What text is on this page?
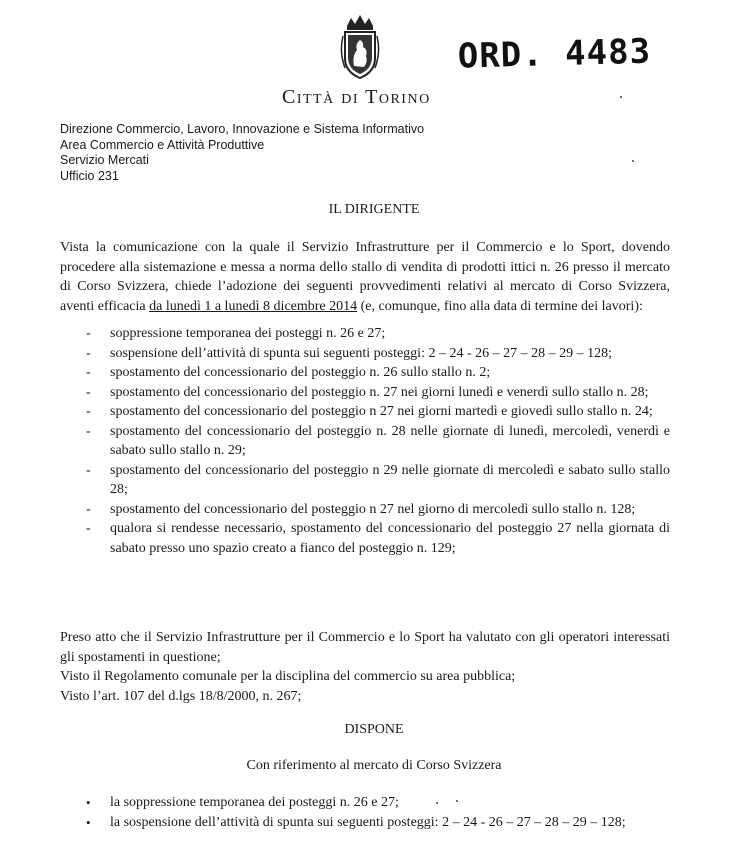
ORD. 4483
Città di Torino
Direzione Commercio, Lavoro, Innovazione e Sistema Informativo
Area Commercio e Attività Produttive
Servizio Mercati
Ufficio 231
IL DIRIGENTE
Vista la comunicazione con la quale il Servizio Infrastrutture per il Commercio e lo Sport, dovendo procedere alla sistemazione e messa a norma dello stallo di vendita di prodotti ittici n. 26 presso il mercato di Corso Svizzera, chiede l’adozione dei seguenti provvedimenti relativi al mercato di Corso Svizzera, aventi efficacia da lunedì 1 a lunedì 8 dicembre 2014 (e, comunque, fino alla data di termine dei lavori):
- soppressione temporanea dei posteggi n. 26 e 27;
- sospensione dell’attività di spunta sui seguenti posteggi: 2 – 24 - 26 – 27 – 28 – 29 – 128;
- spostamento del concessionario del posteggio n. 26 sullo stallo n. 2;
- spostamento del concessionario del posteggio n. 27 nei giorni lunedì e venerdì sullo stallo n. 28;
- spostamento del concessionario del posteggio n 27 nei giorni martedì e giovedì sullo stallo n. 24;
- spostamento del concessionario del posteggio n. 28 nelle giornate di lunedì, mercoledì, venerdì e sabato sullo stallo n. 29;
- spostamento del concessionario del posteggio n 29 nelle giornate di mercoledì e sabato sullo stallo 28;
- spostamento del concessionario del posteggio n 27 nel giorno di mercoledì sullo stallo n. 128;
- qualora si rendesse necessario, spostamento del concessionario del posteggio 27 nella giornata di sabato presso uno spazio creato a fianco del posteggio n. 129;

Preso atto che il Servizio Infrastrutture per il Commercio e lo Sport ha valutato con gli operatori interessati gli spostamenti in questione;

Visto il Regolamento comunale per la disciplina del commercio su area pubblica;

Visto l’art. 107 del d.lgs 18/8/2000, n. 267;

DISPONE
Con riferimento al mercato di Corso Svizzera
• la soppressione temporanea dei posteggi n. 26 e 27;
• la sospensione dell’attività di spunta sui seguenti posteggi: 2 – 24 - 26 – 27 – 28 – 29 – 128;
